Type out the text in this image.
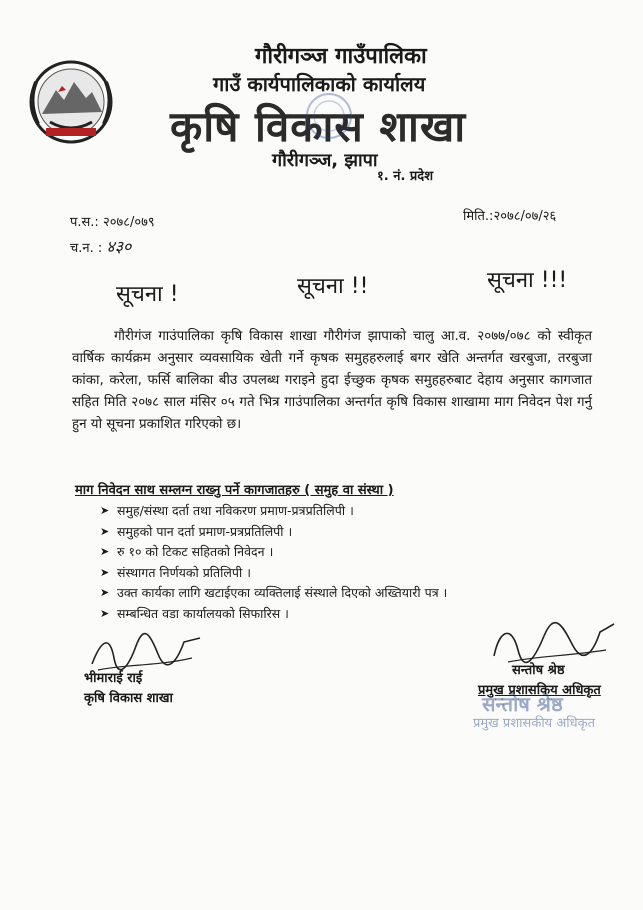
गौरीगञ्ज गाउँपालिका
गाउँ कार्यपालिकाको कार्यालय
कृषि विकास शाखा
गौरीगञ्ज, झापा
१. नं. प्रदेश
प.स.: २०७८/०७९
च.न. : ४३०
मिति.:२०७८/०७/२६
सूचना !	सूचना !!	सूचना !!!
गौरीगंज गाउंपालिका कृषि विकास शाखा गौरीगंज झापाको चालु आ.व. २०७७/०७८ को स्वीकृत वार्षिक कार्यक्रम अनुसार व्यवसायिक खेती गर्ने कृषक समुहहरुलाई बगर खेति अन्तर्गत खरबुजा, तरबुजा कांका, करेला, फर्सि बालिका बीउ उपलब्ध गराइने हुदा ईच्छुक कृषक समुहहरुबाट देहाय अनुसार कागजात सहित मिति २०७८ साल मंसिर ०५ गते भित्र गाउंपालिका अन्तर्गत कृषि विकास शाखामा माग निवेदन पेश गर्नु हुन यो सूचना प्रकाशित गरिएको छ।
माग निवेदन साथ सम्लग्न राख्नु पर्ने कागजातहरु ( समुह वा संस्था )
➤ समुह/संस्था दर्ता तथा नविकरण प्रमाण-प्रत्रप्रतिलिपी ।
➤ समुहको पान दर्ता प्रमाण-प्रत्रप्रतिलिपी ।
➤ रु १० को टिकट सहितको निवेदन ।
➤ संस्थागत निर्णयको प्रतिलिपी ।
➤ उक्त कार्यका लागि खटाईएका व्यक्तिलाई संस्थाले दिएको अख्तियारी पत्र ।
➤ सम्बन्धित वडा कार्यालयको सिफारिस ।
भीमाराई राई
कृषि विकास शाखा	सन्तोष श्रेष्ठ
सन्तोष श्रेष्ठ
प्रमुख प्रशासकिय अधिकृत
प्रमुख प्रशासकीय अधिकृत
